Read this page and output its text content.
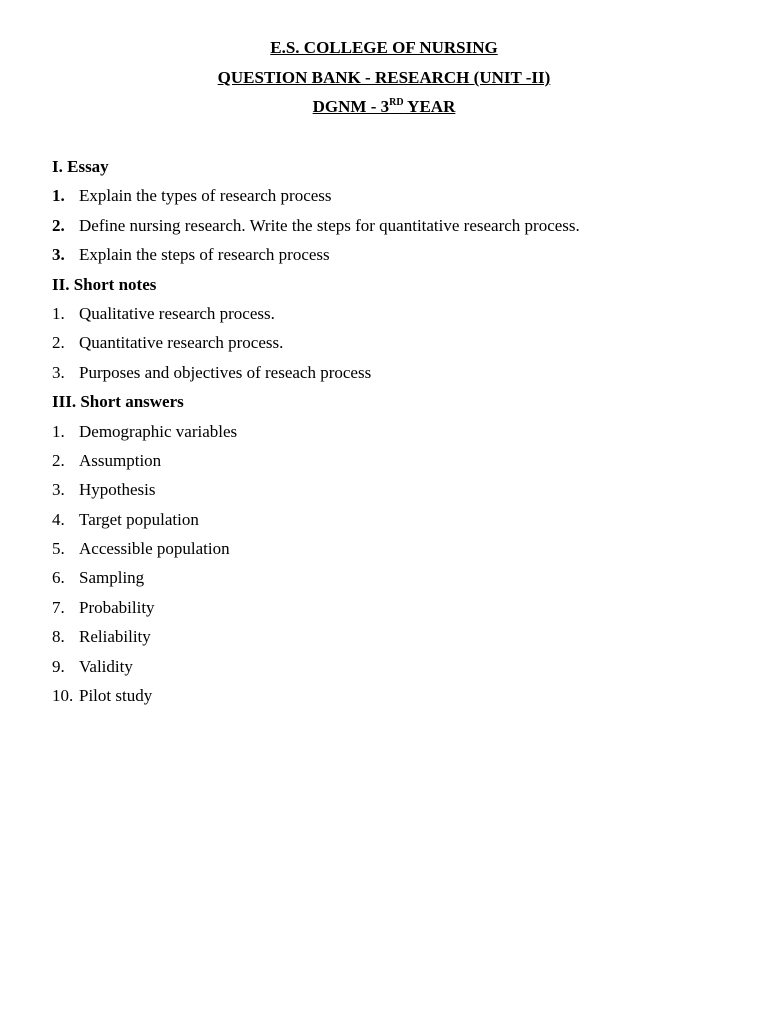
E.S. COLLEGE OF NURSING
QUESTION BANK - RESEARCH (UNIT -II)
DGNM - 3RD YEAR
I. Essay
1. Explain the types of research process
2. Define nursing research. Write the steps for quantitative research process.
3. Explain the steps of research process
II. Short notes
1. Qualitative research process.
2. Quantitative research process.
3. Purposes and objectives of reseach process
III. Short answers
1. Demographic variables
2. Assumption
3. Hypothesis
4. Target population
5. Accessible population
6. Sampling
7. Probability
8. Reliability
9. Validity
10. Pilot study
